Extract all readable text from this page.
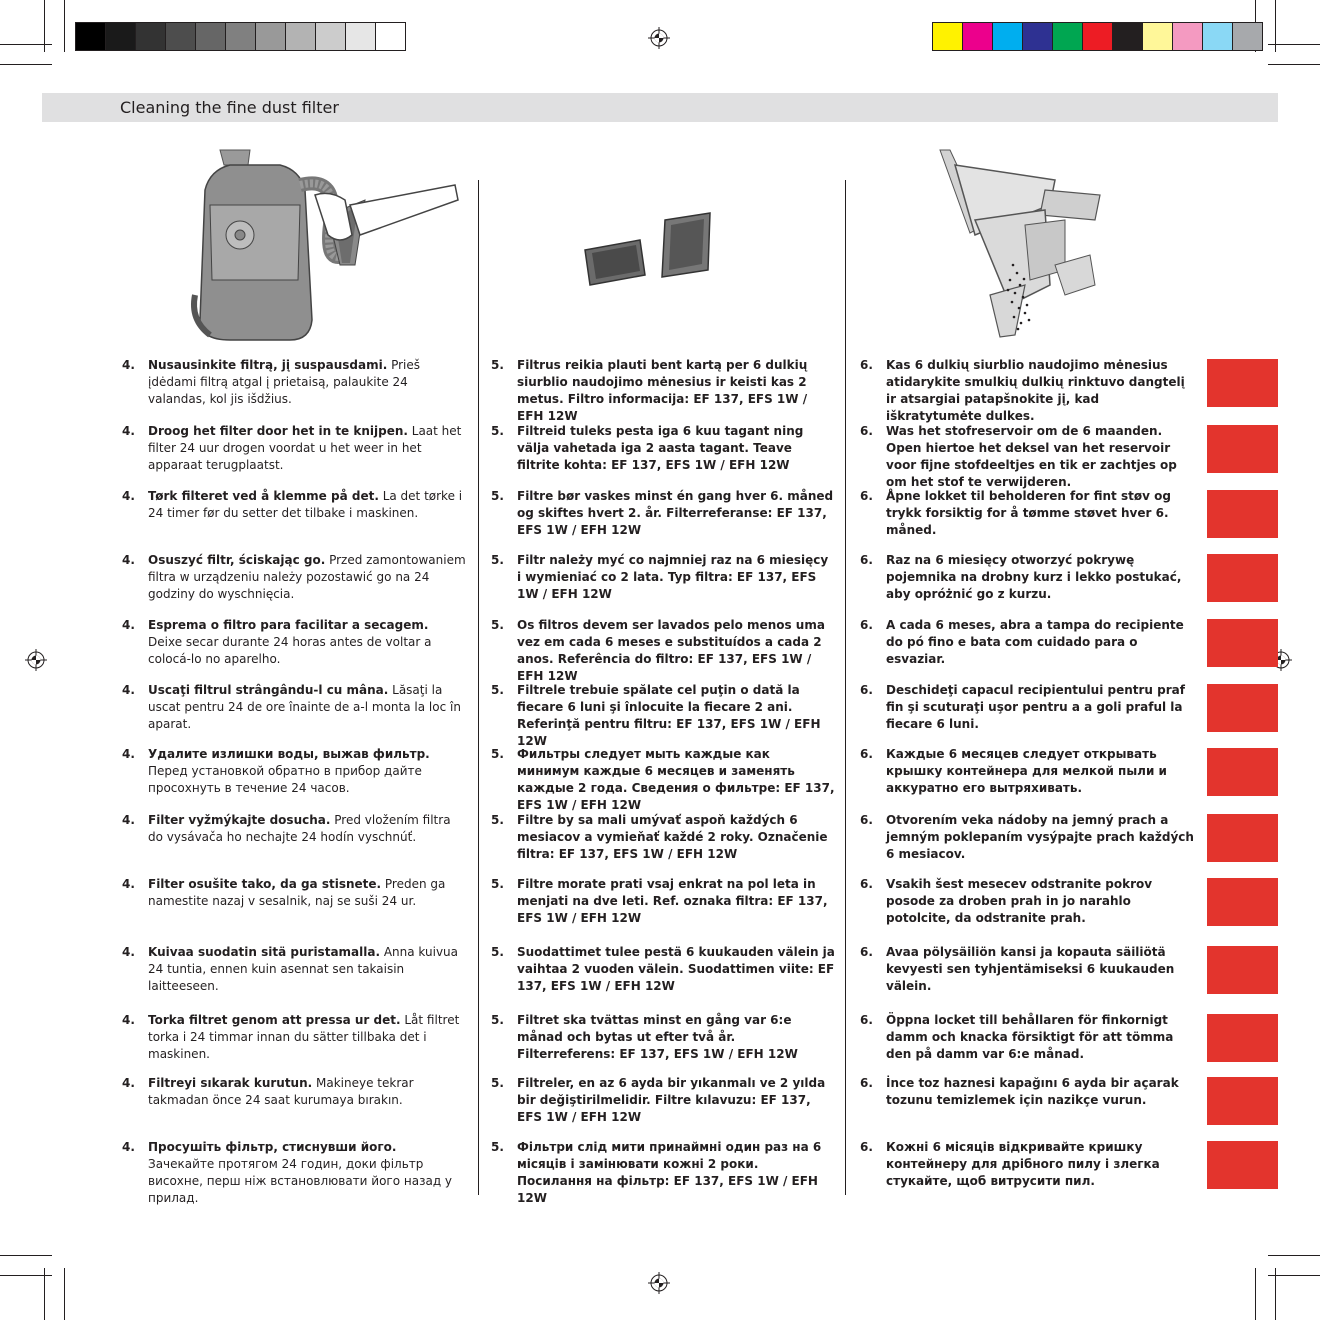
Cleaning the fine dust filter
4. Nusausinkite filtrą, jį suspausdami. Prieš įdėdami filtrą atgal į prietaisą, palaukite 24 valandas, kol jis išdžius.
5. Filtrus reikia plauti bent kartą per 6 dulkių siurblio naudojimo mėnesius ir keisti kas 2 metus. Filtro informacija: EF 137, EFS 1W / EFH 12W
6. Kas 6 dulkių siurblio naudojimo mėnesius atidarykite smulkių dulkių rinktuvo dangtelį ir atsargiai patapšnokite jį, kad iškratytumėte dulkes.
4. Droog het filter door het in te knijpen. Laat het filter 24 uur drogen voordat u het weer in het apparaat terugplaatst.
5. Filtreid tuleks pesta iga 6 kuu tagant ning välja vahetada iga 2 aasta tagant. Teave filtrite kohta: EF 137, EFS 1W / EFH 12W
6. Was het stofreservoir om de 6 maanden. Open hiertoe het deksel van het reservoir voor fijne stofdeeltjes en tik er zachtjes op om het stof te verwijderen.
4. Tørk filteret ved å klemme på det. La det tørke i 24 timer før du setter det tilbake i maskinen.
5. Filtre bør vaskes minst én gang hver 6. måned og skiftes hvert 2. år. Filterreferanse: EF 137, EFS 1W / EFH 12W
6. Åpne lokket til beholderen for fint støv og trykk forsiktig for å tømme støvet hver 6. måned.
4. Osuszyć filtr, ściskając go. Przed zamontowaniem filtra w urządzeniu należy pozostawić go na 24 godziny do wyschnięcia.
5. Filtr należy myć co najmniej raz na 6 miesięcy i wymieniać co 2 lata. Typ filtra: EF 137, EFS 1W / EFH 12W
6. Raz na 6 miesięcy otworzyć pokrywę pojemnika na drobny kurz i lekko postukać, aby opróżnić go z kurzu.
4. Esprema o filtro para facilitar a secagem. Deixe secar durante 24 horas antes de voltar a colocá-lo no aparelho.
5. Os filtros devem ser lavados pelo menos uma vez em cada 6 meses e substituídos a cada 2 anos. Referência do filtro: EF 137, EFS 1W / EFH 12W
6. A cada 6 meses, abra a tampa do recipiente do pó fino e bata com cuidado para o esvaziar.
4. Uscaţi filtrul strângându-l cu mâna. Lăsaţi la uscat pentru 24 de ore înainte de a-l monta la loc în aparat.
5. Filtrele trebuie spălate cel puţin o dată la fiecare 6 luni şi înlocuite la fiecare 2 ani. Referinţă pentru filtru: EF 137, EFS 1W / EFH 12W
6. Deschideţi capacul recipientului pentru praf fin şi scuturaţi uşor pentru a a goli praful la fiecare 6 luni.
4. Удалите излишки воды, выжав фильтр. Перед установкой обратно в прибор дайте просохнуть в течение 24 часов.
5. Фильтры следует мыть каждые как минимум каждые 6 месяцев и заменять каждые 2 года. Сведения о фильтре: EF 137, EFS 1W / EFH 12W
6. Каждые 6 месяцев следует открывать крышку контейнера для мелкой пыли и аккуратно его вытряхивать.
4. Filter vyžmýkajte dosucha. Pred vložením filtra do vysávača ho nechajte 24 hodín vyschnúť.
5. Filtre by sa mali umývať aspoň každých 6 mesiacov a vymieňať každé 2 roky. Označenie filtra: EF 137, EFS 1W / EFH 12W
6. Otvorením veka nádoby na jemný prach a jemným poklepaním vysýpajte prach každých 6 mesiacov.
4. Filter osušite tako, da ga stisnete. Preden ga namestite nazaj v sesalnik, naj se suši 24 ur.
5. Filtre morate prati vsaj enkrat na pol leta in menjati na dve leti. Ref. oznaka filtra: EF 137, EFS 1W / EFH 12W
6. Vsakih šest mesecev odstranite pokrov posode za droben prah in jo narahlo potolcite, da odstranite prah.
4. Kuivaa suodatin sitä puristamalla. Anna kuivua 24 tuntia, ennen kuin asennat sen takaisin laitteeseen.
5. Suodattimet tulee pestä 6 kuukauden välein ja vaihtaa 2 vuoden välein. Suodattimen viite: EF 137, EFS 1W / EFH 12W
6. Avaa pölysäiliön kansi ja kopauta säiliötä kevyesti sen tyhjentämiseksi 6 kuukauden välein.
4. Torka filtret genom att pressa ur det. Låt filtret torka i 24 timmar innan du sätter tillbaka det i maskinen.
5. Filtret ska tvättas minst en gång var 6:e månad och bytas ut efter två år. Filterreferens: EF 137, EFS 1W / EFH 12W
6. Öppna locket till behållaren för finkornigt damm och knacka försiktigt för att tömma den på damm var 6:e månad.
4. Filtreyi sıkarak kurutun. Makineye tekrar takmadan önce 24 saat kurumaya bırakın.
5. Filtreler, en az 6 ayda bir yıkanmalı ve 2 yılda bir değiştirilmelidir. Filtre kılavuzu: EF 137, EFS 1W / EFH 12W
6. İnce toz haznesi kapağını 6 ayda bir açarak tozunu temizlemek için nazikçe vurun.
4. Просушіть фільтр, стиснувши його. Зачекайте протягом 24 годин, доки фільтр висохне, перш ніж встановлювати його назад у прилад.
5. Фільтри слід мити принаймні один раз на 6 місяців і замінювати кожні 2 роки. Посилання на фільтр: EF 137, EFS 1W / EFH 12W
6. Кожні 6 місяців відкривайте кришку контейнеру для дрібного пилу і злегка стукайте, щоб витрусити пил.
